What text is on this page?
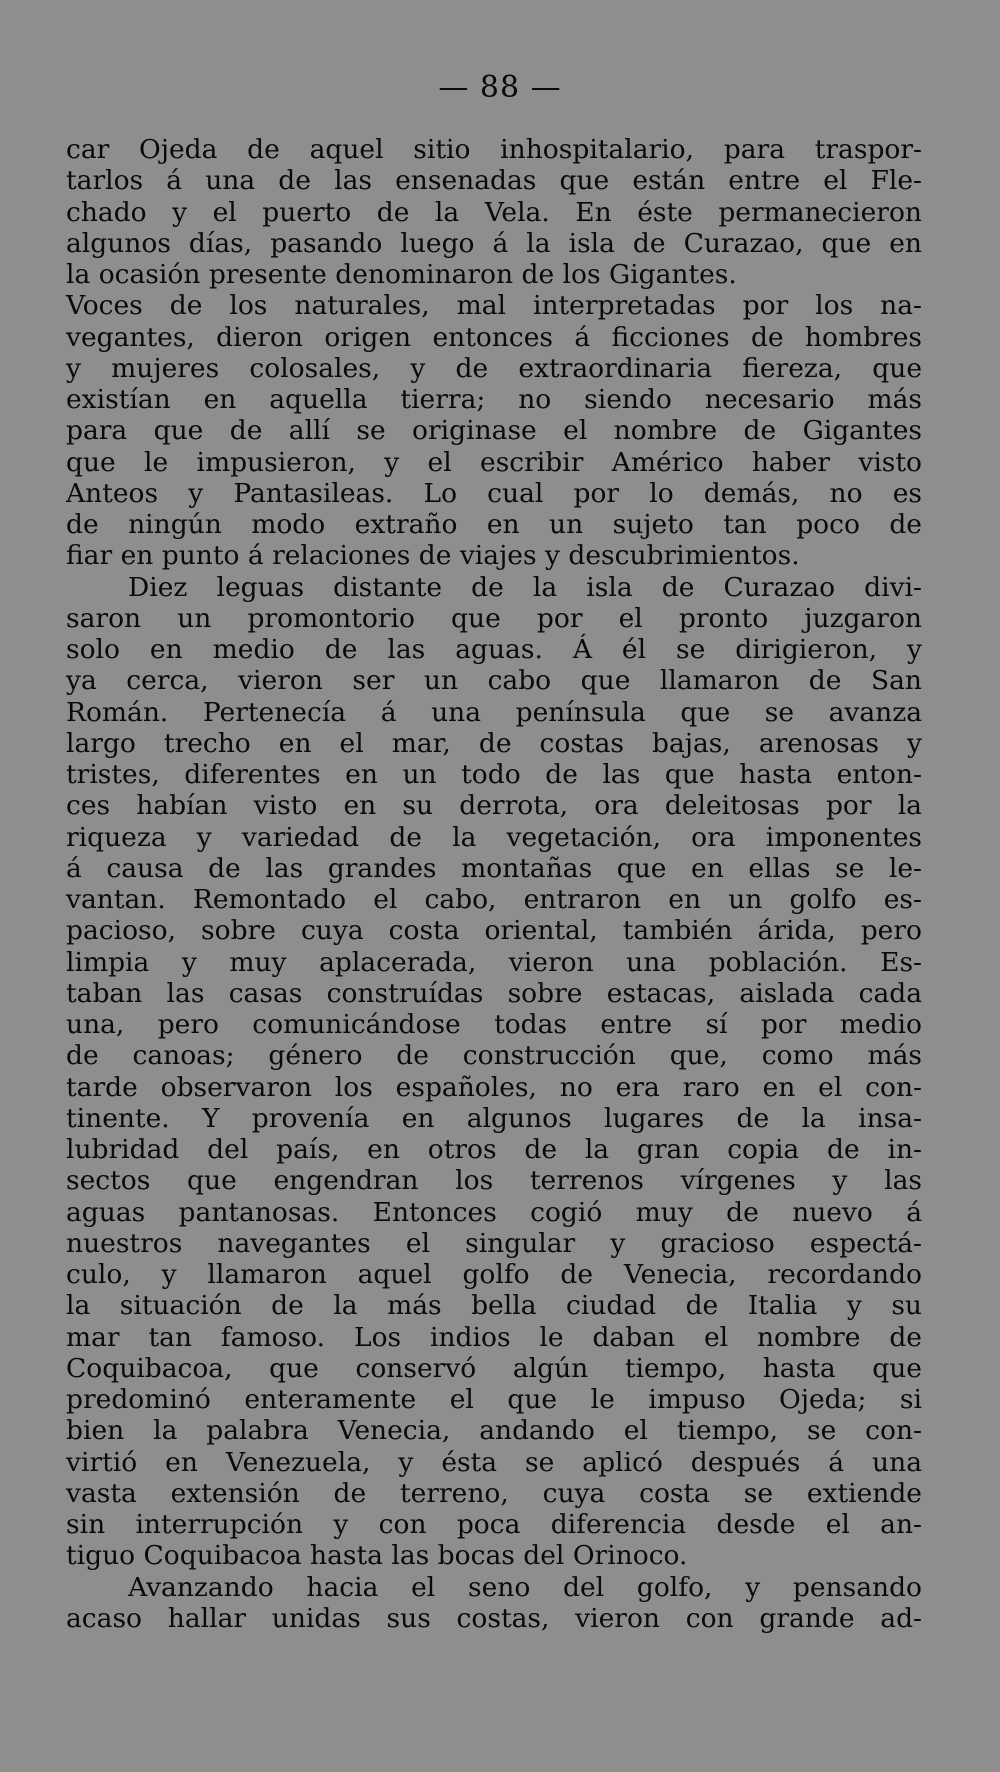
— 88 —
car Ojeda de aquel sitio inhospitalario, para traspor-
tarlos á una de las ensenadas que están entre el Fle-
chado y el puerto de la Vela. En éste permanecieron
algunos días, pasando luego á la isla de Curazao, que en
la ocasión presente denominaron de los Gigantes.
Voces de los naturales, mal interpretadas por los na-
vegantes, dieron origen entonces á ficciones de hombres
y mujeres colosales, y de extraordinaria fiereza, que
existían en aquella tierra; no siendo necesario más
para que de allí se originase el nombre de Gigantes
que le impusieron, y el escribir Américo haber visto
Anteos y Pantasileas. Lo cual por lo demás, no es
de ningún modo extraño en un sujeto tan poco de
fiar en punto á relaciones de viajes y descubrimientos.
Diez leguas distante de la isla de Curazao divi-
saron un promontorio que por el pronto juzgaron
solo en medio de las aguas. Á él se dirigieron, y
ya cerca, vieron ser un cabo que llamaron de San
Román. Pertenecía á una península que se avanza
largo trecho en el mar, de costas bajas, arenosas y
tristes, diferentes en un todo de las que hasta enton-
ces habían visto en su derrota, ora deleitosas por la
riqueza y variedad de la vegetación, ora imponentes
á causa de las grandes montañas que en ellas se le-
vantan. Remontado el cabo, entraron en un golfo es-
pacioso, sobre cuya costa oriental, también árida, pero
limpia y muy aplacerada, vieron una población. Es-
taban las casas construídas sobre estacas, aislada cada
una, pero comunicándose todas entre sí por medio
de canoas; género de construcción que, como más
tarde observaron los españoles, no era raro en el con-
tinente. Y provenía en algunos lugares de la insa-
lubridad del país, en otros de la gran copia de in-
sectos que engendran los terrenos vírgenes y las
aguas pantanosas. Entonces cogió muy de nuevo á
nuestros navegantes el singular y gracioso espectá-
culo, y llamaron aquel golfo de Venecia, recordando
la situación de la más bella ciudad de Italia y su
mar tan famoso. Los indios le daban el nombre de
Coquibacoa, que conservó algún tiempo, hasta que
predominó enteramente el que le impuso Ojeda; si
bien la palabra Venecia, andando el tiempo, se con-
virtió en Venezuela, y ésta se aplicó después á una
vasta extensión de terreno, cuya costa se extiende
sin interrupción y con poca diferencia desde el an-
tiguo Coquibacoa hasta las bocas del Orinoco.
Avanzando hacia el seno del golfo, y pensando
acaso hallar unidas sus costas, vieron con grande ad-
